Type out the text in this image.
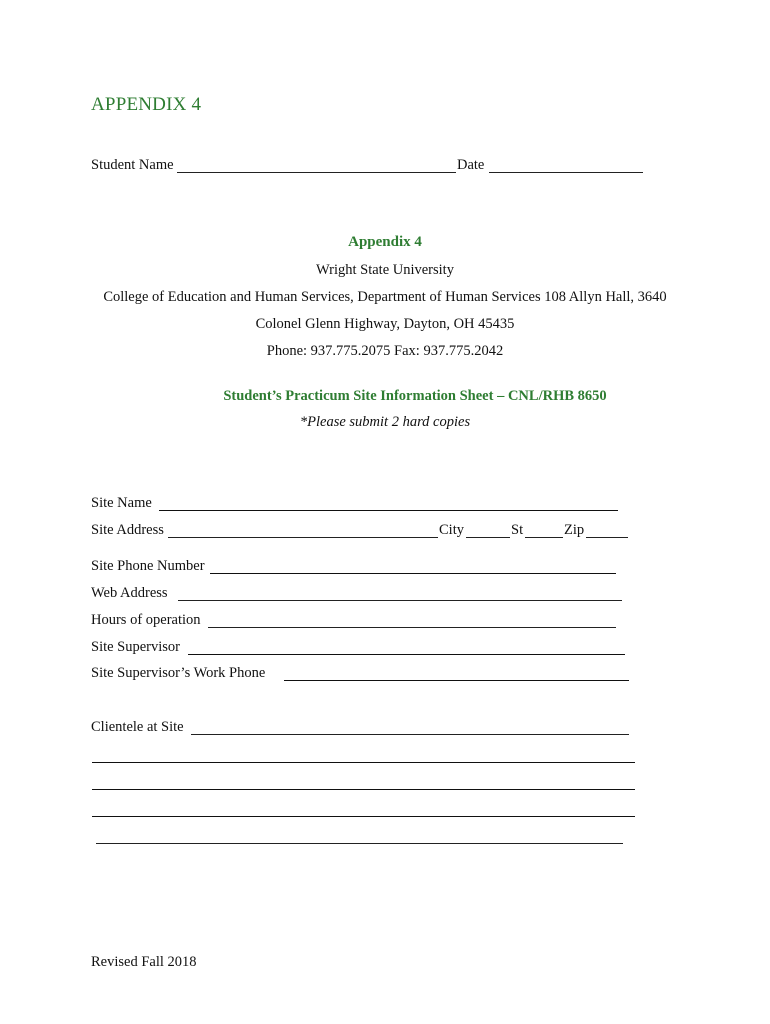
APPENDIX 4
Student Name	Date
Appendix 4
Wright State University
College of Education and Human Services, Department of Human Services 108 Allyn Hall, 3640
Colonel Glenn Highway, Dayton, OH 45435
Phone: 937.775.2075 Fax: 937.775.2042
Student’s Practicum Site Information Sheet – CNL/RHB 8650
*Please submit 2 hard copies
Site Name
Site Address	City	St	Zip
Site Phone Number
Web Address
Hours of operation
Site Supervisor
Site Supervisor’s Work Phone
Clientele at Site
Revised Fall 2018
